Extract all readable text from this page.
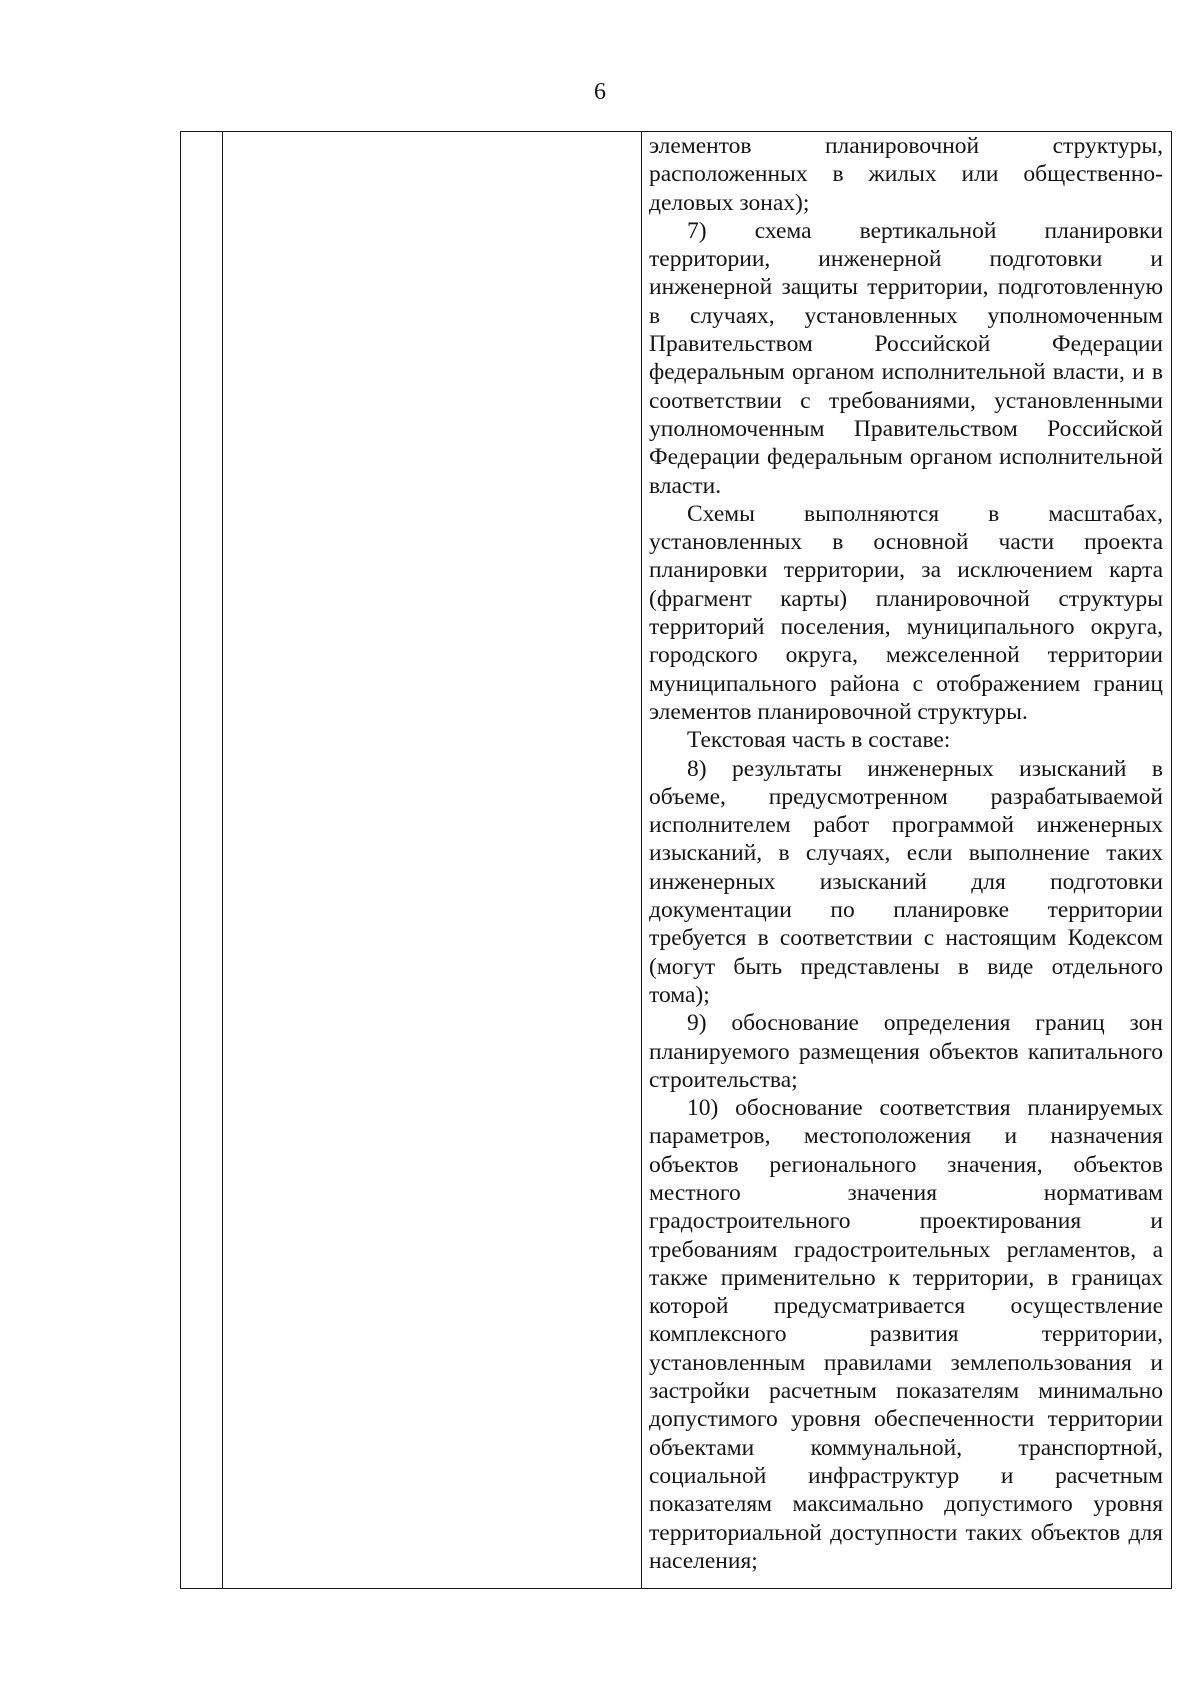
6

элементов планировочной структуры, расположенных в жилых или общественно-деловых зонах);

7) схема вертикальной планировки территории, инженерной подготовки и инженерной защиты территории, подготовленную в случаях, установленных уполномоченным Правительством Российской Федерации федеральным органом исполнительной власти, и в соответствии с требованиями, установленными уполномоченным Правительством Российской Федерации федеральным органом исполнительной власти.

Схемы выполняются в масштабах, установленных в основной части проекта планировки территории, за исключением карта (фрагмент карты) планировочной структуры территорий поселения, муниципального округа, городского округа, межселенной территории муниципального района с отображением границ элементов планировочной структуры.

Текстовая часть в составе:

8) результаты инженерных изысканий в объеме, предусмотренном разрабатываемой исполнителем работ программой инженерных изысканий, в случаях, если выполнение таких инженерных изысканий для подготовки документации по планировке территории требуется в соответствии с настоящим Кодексом (могут быть представлены в виде отдельного тома);

9) обоснование определения границ зон планируемого размещения объектов капитального строительства;

10) обоснование соответствия планируемых параметров, местоположения и назначения объектов регионального значения, объектов местного значения нормативам градостроительного проектирования и требованиям градостроительных регламентов, а также применительно к территории, в границах которой предусматривается осуществление комплексного развития территории, установленным правилами землепользования и застройки расчетным показателям минимально допустимого уровня обеспеченности территории объектами коммунальной, транспортной, социальной инфраструктур и расчетным показателям максимально допустимого уровня территориальной доступности таких объектов для населения;
